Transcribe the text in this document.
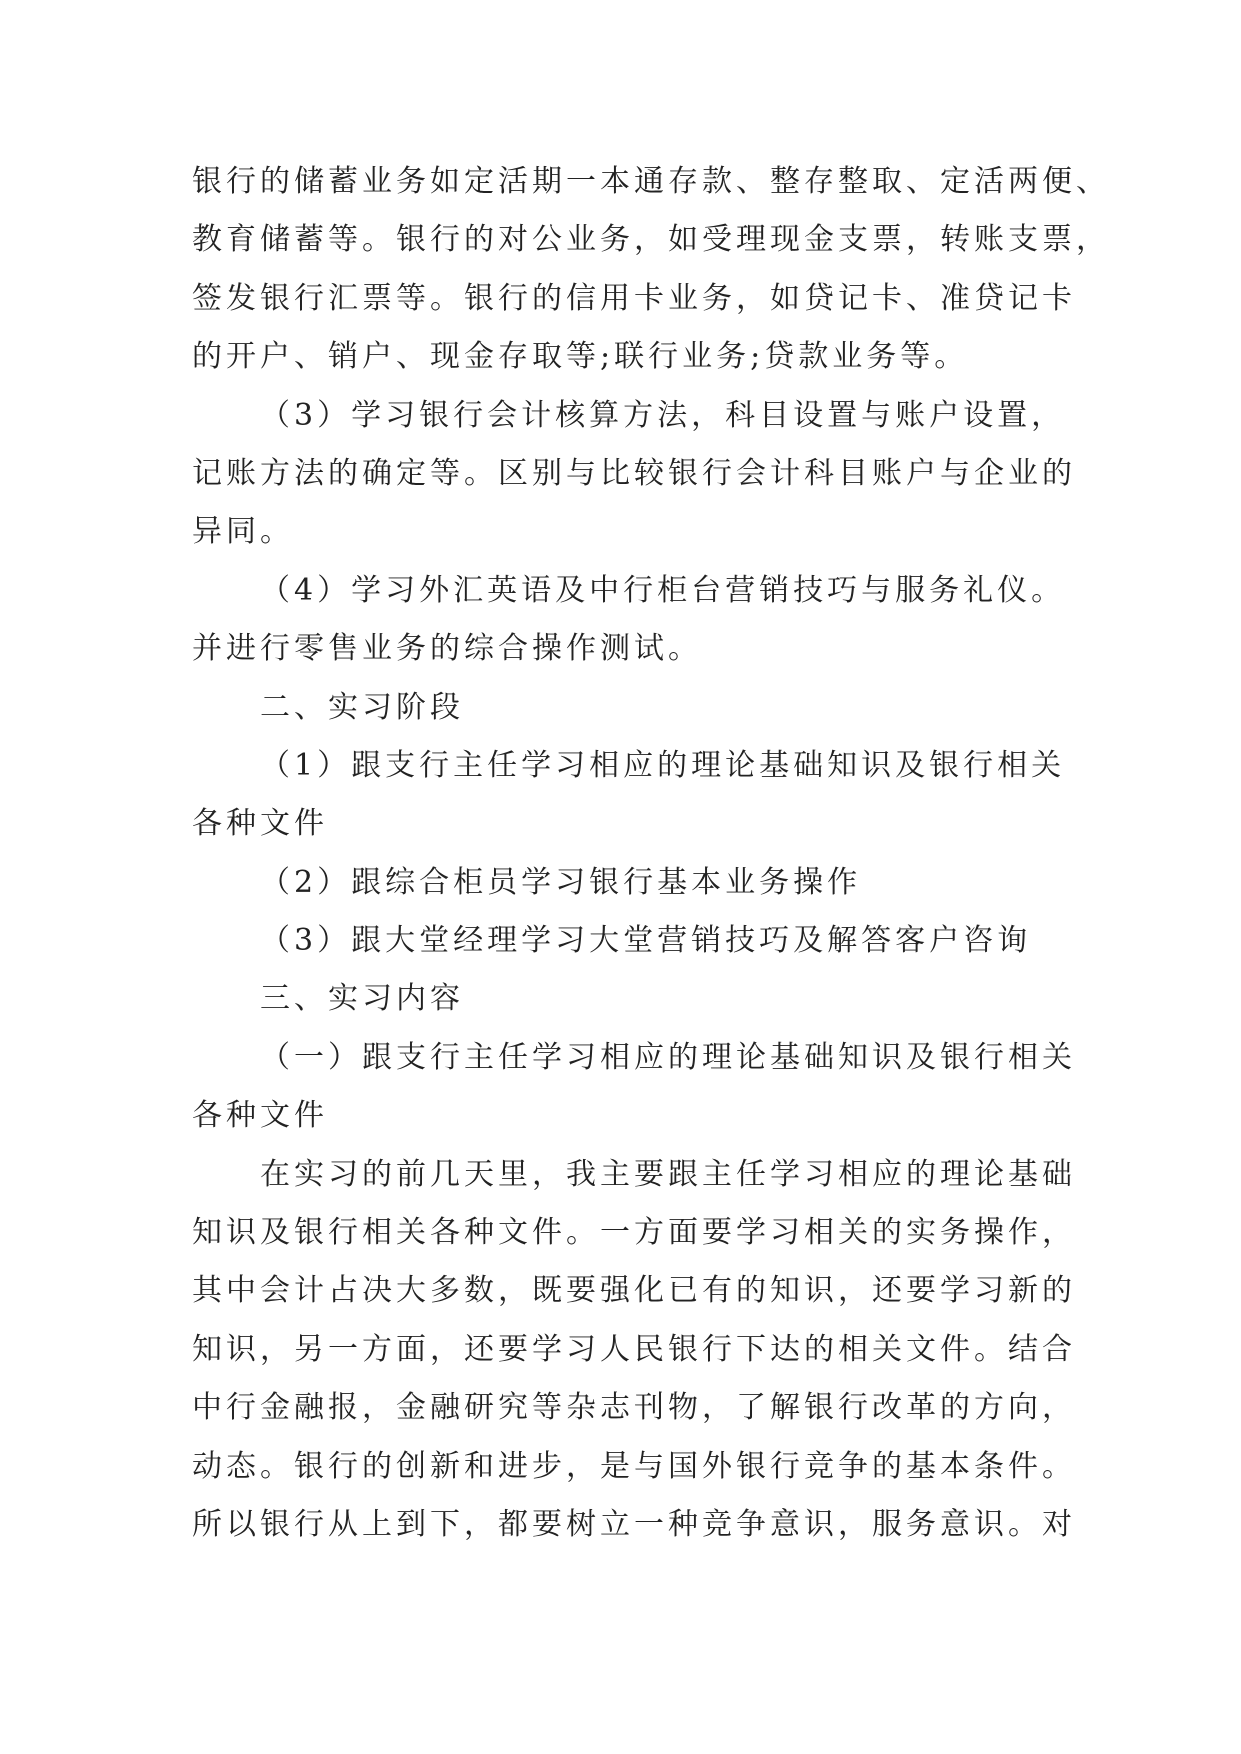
银行的储蓄业务如定活期一本通存款、整存整取、定活两便、
教育储蓄等。银行的对公业务，如受理现金支票，转账支票，
签发银行汇票等。银行的信用卡业务，如贷记卡、准贷记卡
的开户、销户、现金存取等;联行业务;贷款业务等。
（3）学习银行会计核算方法，科目设置与账户设置，
记账方法的确定等。区别与比较银行会计科目账户与企业的
异同。
（4）学习外汇英语及中行柜台营销技巧与服务礼仪。
并进行零售业务的综合操作测试。
二、实习阶段
（1）跟支行主任学习相应的理论基础知识及银行相关
各种文件
（2）跟综合柜员学习银行基本业务操作
（3）跟大堂经理学习大堂营销技巧及解答客户咨询
三、实习内容
（一）跟支行主任学习相应的理论基础知识及银行相关
各种文件
在实习的前几天里，我主要跟主任学习相应的理论基础
知识及银行相关各种文件。一方面要学习相关的实务操作，
其中会计占决大多数，既要强化已有的知识，还要学习新的
知识，另一方面，还要学习人民银行下达的相关文件。结合
中行金融报，金融研究等杂志刊物，了解银行改革的方向，
动态。银行的创新和进步，是与国外银行竞争的基本条件。
所以银行从上到下，都要树立一种竞争意识，服务意识。对
